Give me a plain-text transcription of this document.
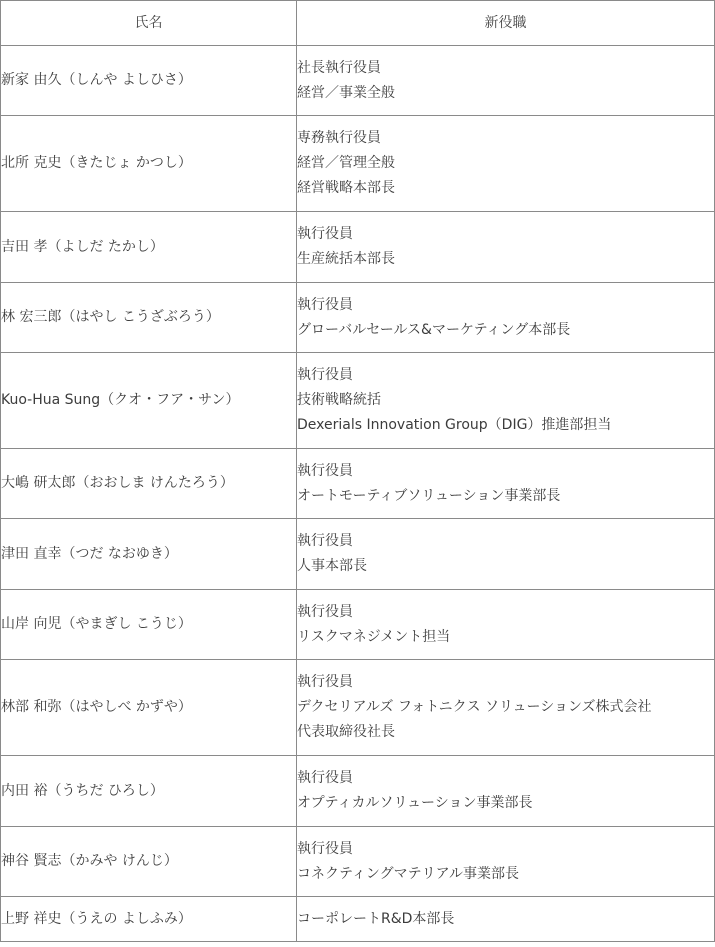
氏名	新役職
新家 由久（しんや よしひさ）	社長執行役員
経営／事業全般

北所 克史（きたじょ かつし）	専務執行役員
経営／管理全般
経営戦略本部長

吉田 孝（よしだ たかし）	執行役員
生産統括本部長

林 宏三郎（はやし こうざぶろう）	執行役員
グローバルセールス&マーケティング本部長

Kuo-Hua Sung（クオ・フア・サン）	執行役員
技術戦略統括
Dexerials Innovation Group（DIG）推進部担当

大嶋 研太郎（おおしま けんたろう）	執行役員
オートモーティブソリューション事業部長

津田 直幸（つだ なおゆき）	執行役員
人事本部長

山岸 向児（やまぎし こうじ）	執行役員
リスクマネジメント担当

林部 和弥（はやしべ かずや）	執行役員
デクセリアルズ フォトニクス ソリューションズ株式会社
代表取締役社長

内田 裕（うちだ ひろし）	執行役員
オプティカルソリューション事業部長

神谷 賢志（かみや けんじ）	執行役員
コネクティングマテリアル事業部長

上野 祥史（うえの よしふみ）	コーポレートR&D本部長
